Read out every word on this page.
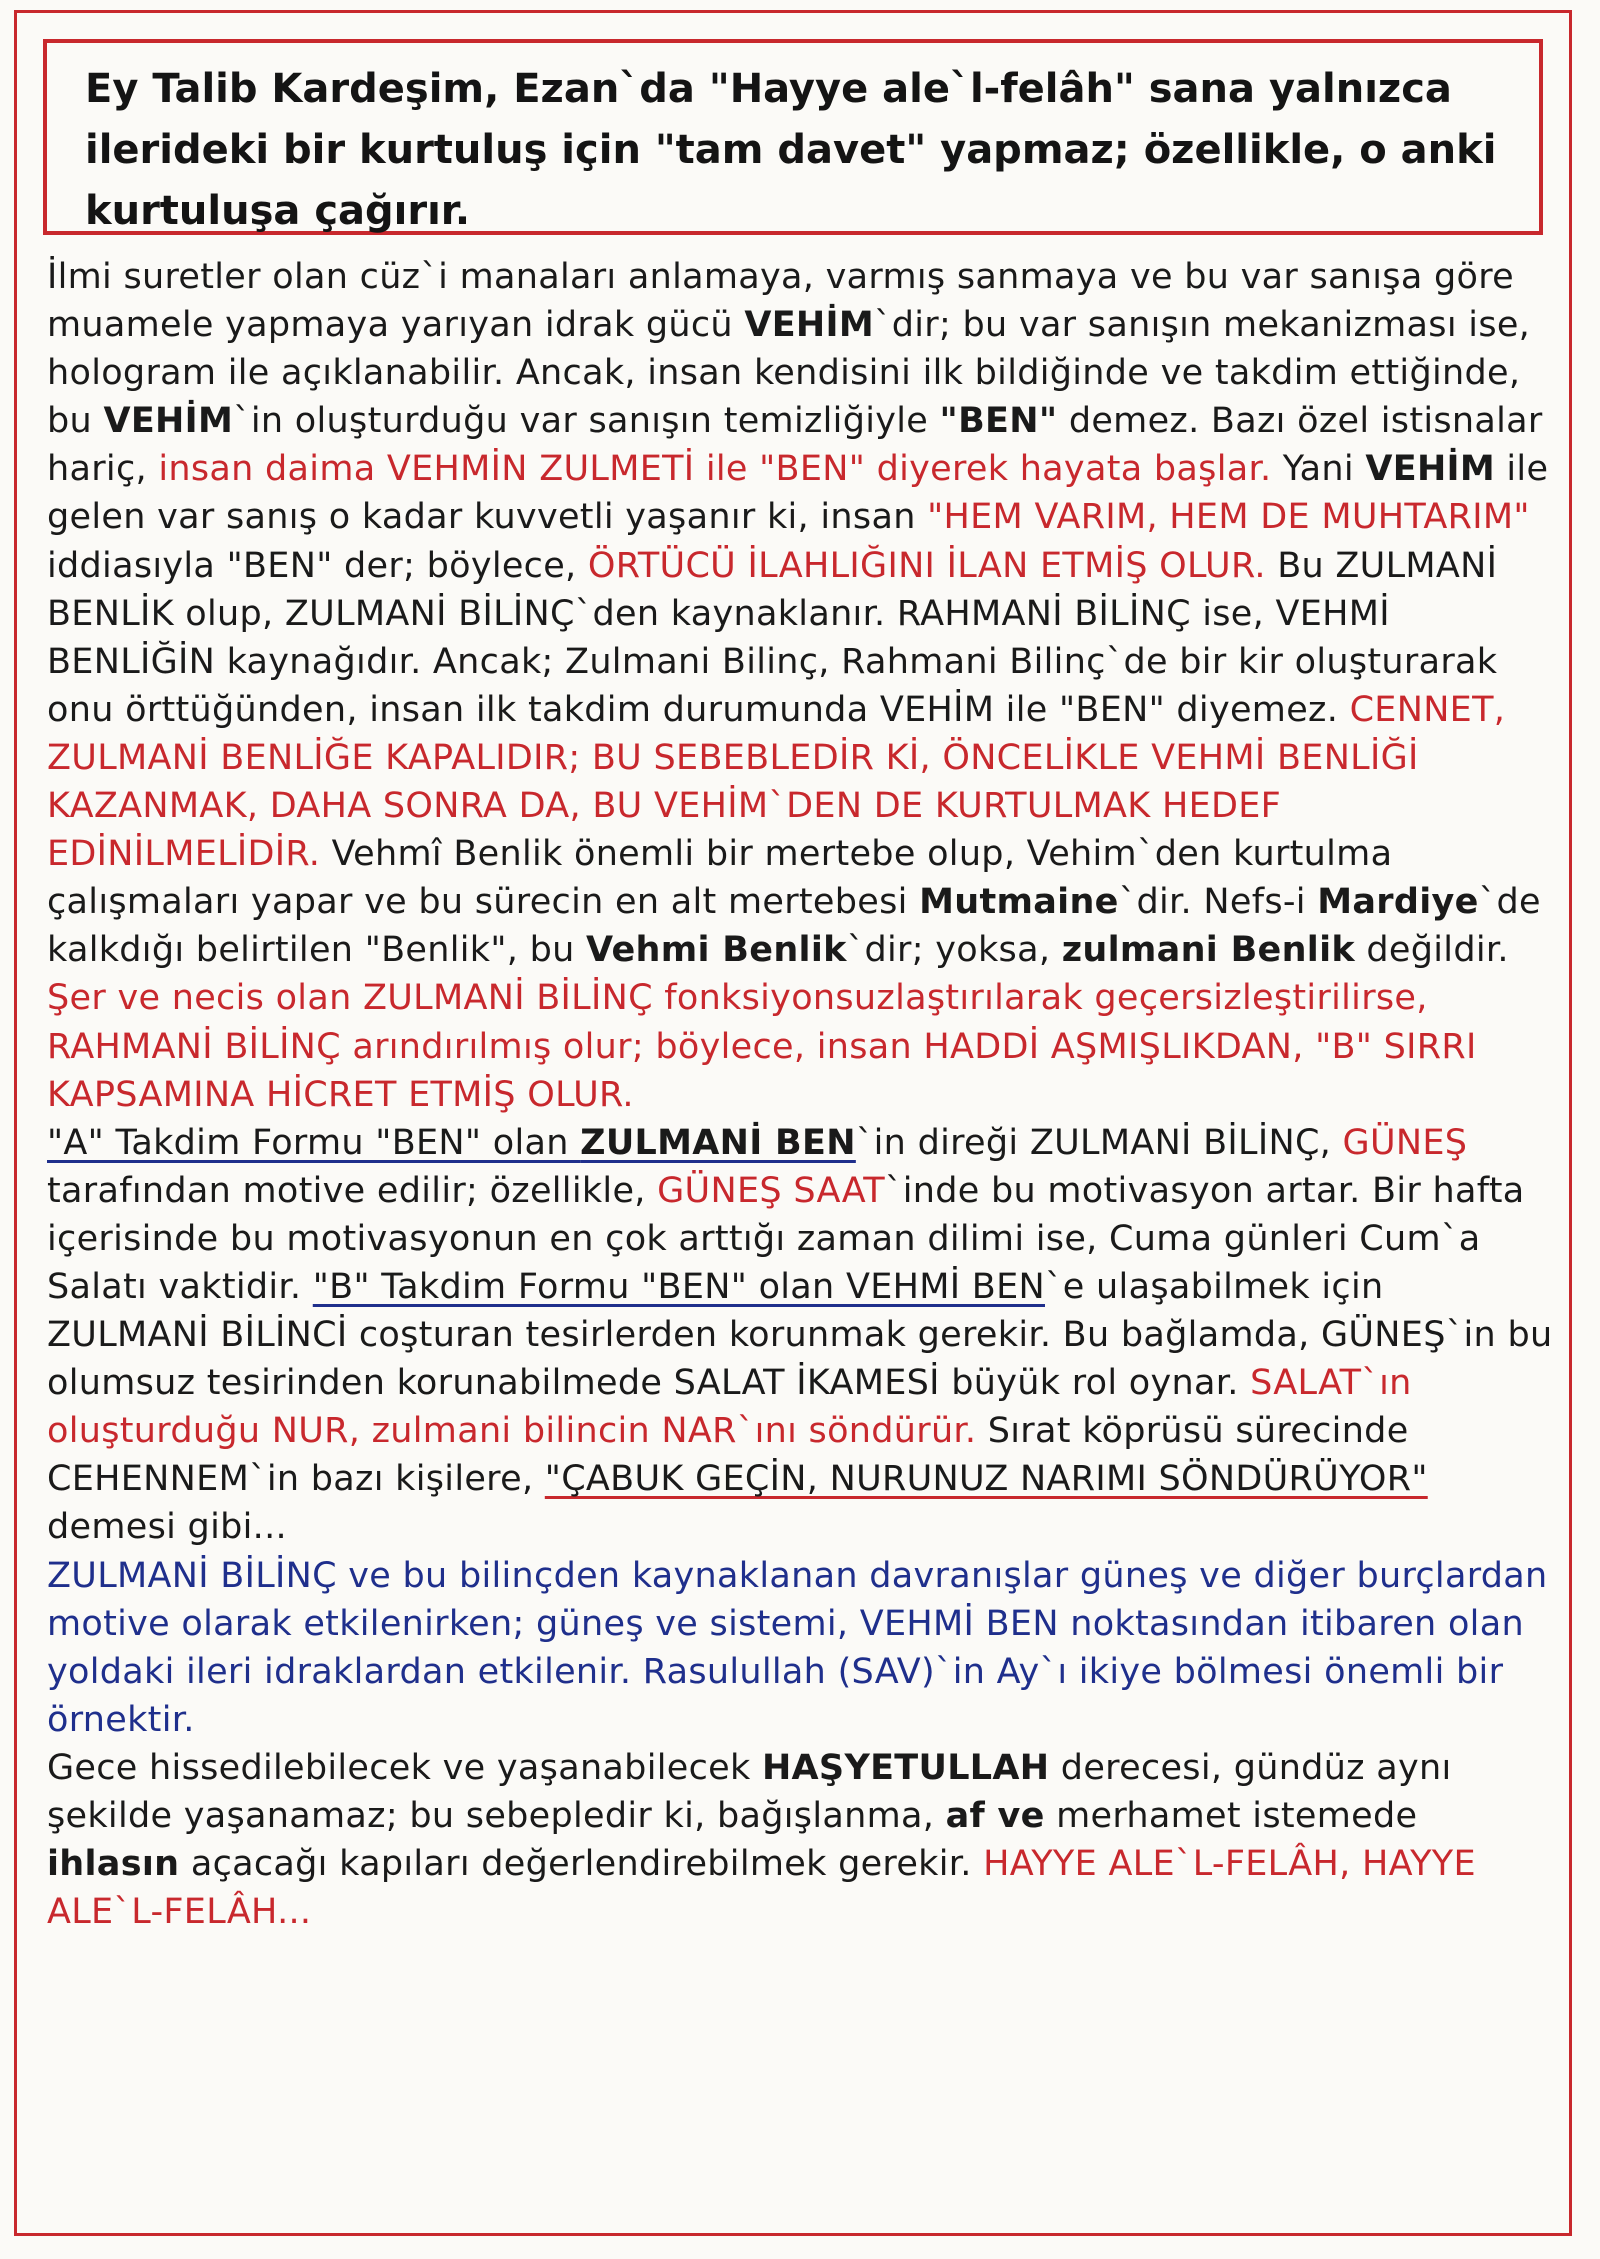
Ey Talib Kardeşim, Ezan`da "Hayye ale`l-felâh" sana yalnızca ilerideki bir kurtuluş için "tam davet" yapmaz; özellikle, o anki kurtuluşa çağırır.

İlmi suretler olan cüz`i manaları anlamaya, varmış sanmaya ve bu var sanışa göre muamele yapmaya yarıyan idrak gücü VEHİM`dir; bu var sanışın mekanizması ise, hologram ile açıklanabilir. Ancak, insan kendisini ilk bildiğinde ve takdim ettiğinde, bu VEHİM`in oluşturduğu var sanışın temizliğiyle "BEN" demez. Bazı özel istisnalar hariç, insan daima VEHMİN ZULMETİ ile "BEN" diyerek hayata başlar. Yani VEHİM ile gelen var sanış o kadar kuvvetli yaşanır ki, insan "HEM VARIM, HEM DE MUHTARIM" iddiasıyla "BEN" der; böylece, ÖRTÜCÜ İLAHLIĞINI İLAN ETMİŞ OLUR. Bu ZULMANİ BENLİK olup, ZULMANİ BİLİNÇ`den kaynaklanır. RAHMANİ BİLİNÇ ise, VEHMİ BENLİĞİN kaynağıdır. Ancak; Zulmani Bilinç, Rahmani Bilinç`de bir kir oluşturarak onu örttüğünden, insan ilk takdim durumunda VEHİM ile "BEN" diyemez. CENNET, ZULMANİ BENLİĞE KAPALIDIR; BU SEBEBLEDİR Kİ, ÖNCELİKLE VEHMİ BENLİĞİ KAZANMAK, DAHA SONRA DA, BU VEHİM`DEN DE KURTULMAK HEDEF EDİNİLMELİDİR. Vehmî Benlik önemli bir mertebe olup, Vehim`den kurtulma çalışmaları yapar ve bu sürecin en alt mertebesi Mutmaine`dir. Nefs-i Mardiye`de kalkdığı belirtilen "Benlik", bu Vehmi Benlik`dir; yoksa, zulmani Benlik değildir. Şer ve necis olan ZULMANİ BİLİNÇ fonksiyonsuzlaştırılarak geçersizleştirilirse, RAHMANİ BİLİNÇ arındırılmış olur; böylece, insan HADDİ AŞMIŞLIKDAN, "B" SIRRI KAPSAMINA HİCRET ETMİŞ OLUR.
"A" Takdim Formu "BEN" olan ZULMANİ BEN`in direği ZULMANİ BİLİNÇ, GÜNEŞ tarafından motive edilir; özellikle, GÜNEŞ SAAT`inde bu motivasyon artar. Bir hafta içerisinde bu motivasyonun en çok arttığı zaman dilimi ise, Cuma günleri Cum`a Salatı vaktidir. "B" Takdim Formu "BEN" olan VEHMİ BEN`e ulaşabilmek için ZULMANİ BİLİNCİ coşturan tesirlerden korunmak gerekir. Bu bağlamda, GÜNEŞ`in bu olumsuz tesirinden korunabilmede SALAT İKAMESİ büyük rol oynar. SALAT`ın oluşturduğu NUR, zulmani bilincin NAR`ını söndürür. Sırat köprüsü sürecinde CEHENNEM`in bazı kişilere, "ÇABUK GEÇİN, NURUNUZ NARIMI SÖNDÜRÜYOR" demesi gibi...
ZULMANİ BİLİNÇ ve bu bilinçden kaynaklanan davranışlar güneş ve diğer burçlardan motive olarak etkilenirken; güneş ve sistemi, VEHMİ BEN noktasından itibaren olan yoldaki ileri idraklardan etkilenir. Rasulullah (SAV)`in Ay`ı ikiye bölmesi önemli bir örnektir.
Gece hissedilebilecek ve yaşanabilecek HAŞYETULLAH derecesi, gündüz aynı şekilde yaşanamaz; bu sebepledir ki, bağışlanma, af ve merhamet istemede ihlasın açacağı kapıları değerlendirebilmek gerekir. HAYYE ALE`L-FELÂH, HAYYE ALE`L-FELÂH...
